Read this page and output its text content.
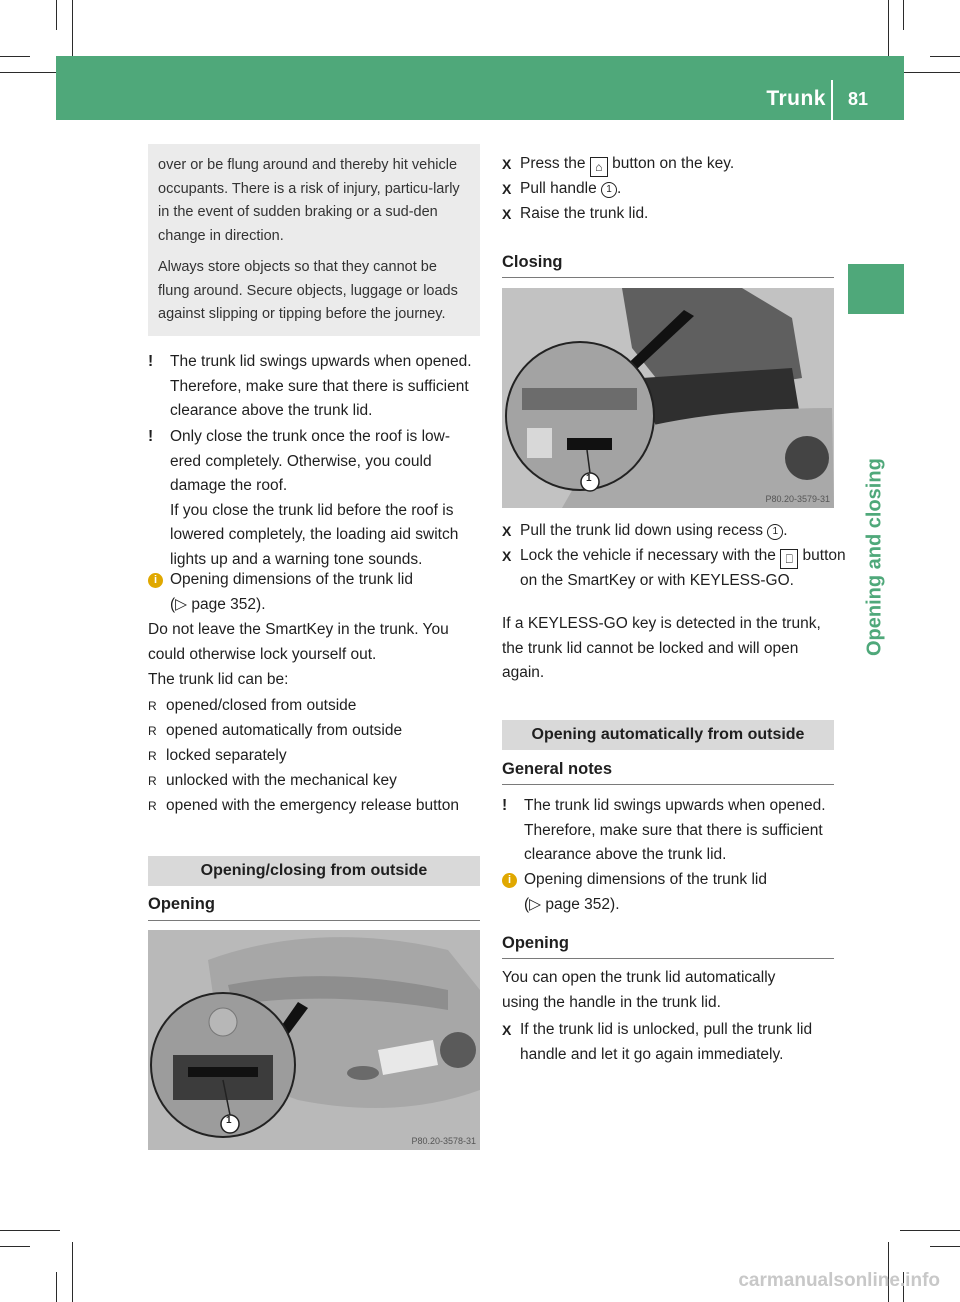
Trunk 81
Opening and closing

over or be flung around and thereby hit vehicle occupants. There is a risk of injury, particu-larly in the event of sudden braking or a sud-den change in direction.

Always store objects so that they cannot be flung around. Secure objects, luggage or loads against slipping or tipping before the journey.

! The trunk lid swings upwards when opened. Therefore, make sure that there is sufficient clearance above the trunk lid.

! Only close the trunk once the roof is low-ered completely. Otherwise, you could damage the roof.

If you close the trunk lid before the roof is lowered completely, the loading aid switch lights up and a warning tone sounds.

i Opening dimensions of the trunk lid

(▷ page 352).

Do not leave the SmartKey in the trunk. You could otherwise lock yourself out.

The trunk lid can be:

R opened/closed from outside
R opened automatically from outside
R locked separately
R unlocked with the mechanical key
R opened with the emergency release button
Opening/closing from outside
Opening
1
P80.20-3578-31
X Press the ⌂ button on the key.
X Pull handle 1 .
X Raise the trunk lid.
Closing
1
P80.20-3579-31
X Pull the trunk lid down using recess 1 .
X Lock the vehicle if necessary with the ⎕ button on the SmartKey or with KEYLESS-GO.

If a KEYLESS-GO key is detected in the trunk, the trunk lid cannot be locked and will open again.

Opening automatically from outside
General notes
! The trunk lid swings upwards when opened. Therefore, make sure that there is sufficient clearance above the trunk lid.

i Opening dimensions of the trunk lid

(▷ page 352).

Opening

You can open the trunk lid automatically using the handle in the trunk lid.

X If the trunk lid is unlocked, pull the trunk lid handle and let it go again immediately.
carmanualsonline.info
